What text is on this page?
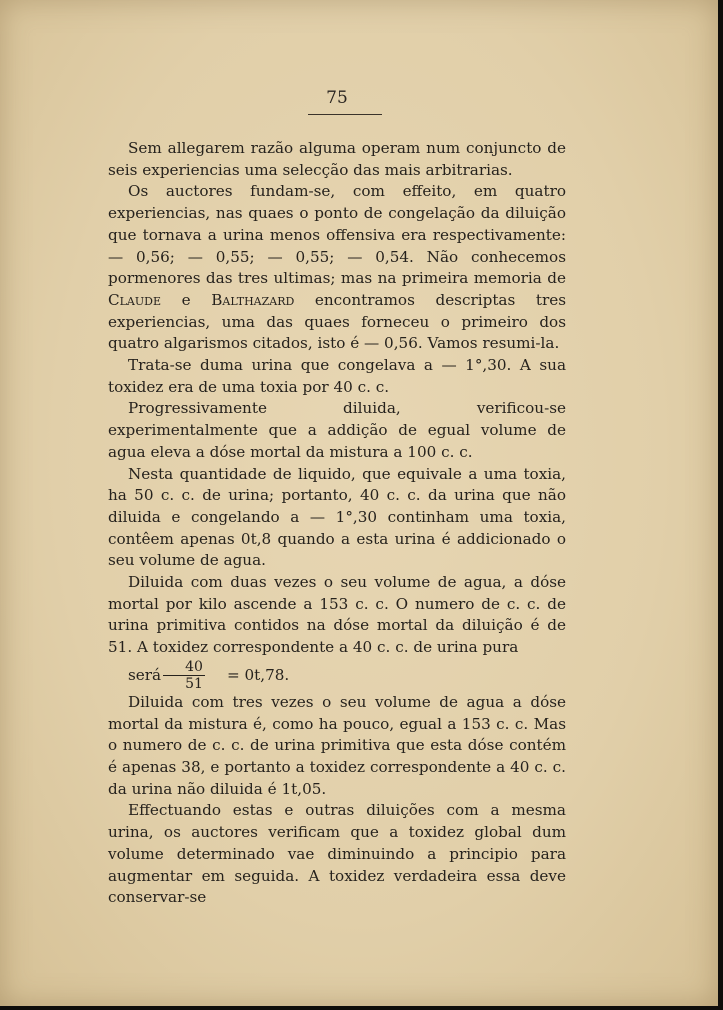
75

Sem allegarem razão alguma operam num conjuncto de seis experiencias uma selecção das mais arbitrarias.

Os auctores fundam-se, com effeito, em quatro experiencias, nas quaes o ponto de congelação da diluição que tornava a urina menos offensiva era respectivamente: — 0,56; — 0,55; — 0,55; — 0,54. Não conhecemos pormenores das tres ultimas; mas na primeira memoria de Claude e Balthazard encontramos descriptas tres experiencias, uma das quaes forneceu o primeiro dos quatro algarismos citados, isto é — 0,56. Vamos resumi-la.

Trata-se duma urina que congelava a — 1°,30. A sua toxidez era de uma toxia por 40 c. c.

Progressivamente diluida, verificou-se experimentalmente que a addição de egual volume de agua eleva a dóse mortal da mistura a 100 c. c.

Nesta quantidade de liquido, que equivale a uma toxia, ha 50 c. c. de urina; portanto, 40 c. c. da urina que não diluida e congelando a — 1°,30 continham uma toxia, contêem apenas 0t,8 quando a esta urina é addicionado o seu volume de agua.

Diluida com duas vezes o seu volume de agua, a dóse mortal por kilo ascende a 153 c. c. O numero de c. c. de urina primitiva contidos na dóse mortal da diluição é de 51. A toxidez correspondente a 40 c. c. de urina pura

será $\frac{40}{51}$	= 0t,78.

Diluida com tres vezes o seu volume de agua a dóse mortal da mistura é, como ha pouco, egual a 153 c. c. Mas o numero de c. c. de urina primitiva que esta dóse contém é apenas 38, e portanto a toxidez correspondente a 40 c. c. da urina não diluida é 1t,05.

Effectuando estas e outras diluições com a mesma urina, os auctores verificam que a toxidez global dum volume determinado vae diminuindo a principio para augmentar em seguida. A toxidez verdadeira essa deve conservar-se
